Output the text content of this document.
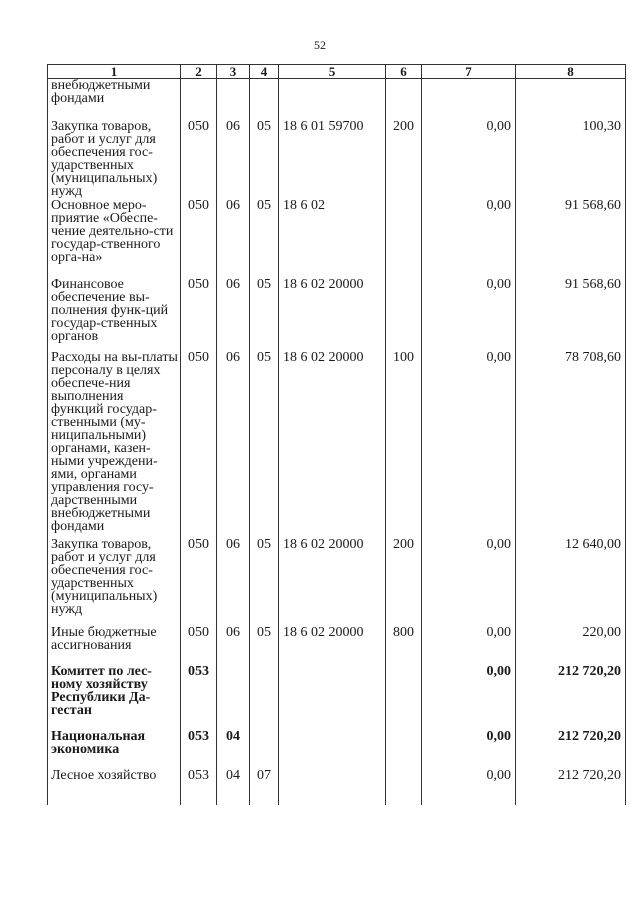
52
1	2	3	4	5	6	7	8
внебюджетными фондами							
Закупка товаров, работ и услуг для обеспечения гос-ударственных (муниципальных) нужд	050	06	05	18 6 01 59700	200	0,00	100,30
Основное меро-приятие «Обеспе-чение деятельно-сти государ-ственного орга-на»	050	06	05	18 6 02		0,00	91 568,60
Финансовое обеспечение вы-полнения функ-ций государ-ственных органов	050	06	05	18 6 02 20000		0,00	91 568,60
Расходы на вы-платы персоналу в целях обеспече-ния выполнения функций государ-ственными (му-ниципальными) органами, казен-ными учреждени-ями, органами управления госу-дарственными внебюджетными фондами	050	06	05	18 6 02 20000	100	0,00	78 708,60
Закупка товаров, работ и услуг для обеспечения гос-ударственных (муниципальных) нужд	050	06	05	18 6 02 20000	200	0,00	12 640,00
Иные бюджетные ассигнования	050	06	05	18 6 02 20000	800	0,00	220,00
Комитет по лес-ному хозяйству Республики Да-гестан	053					0,00	212 720,20
Национальная экономика	053	04				0,00	212 720,20
Лесное хозяйство	053	04	07			0,00	212 720,20
